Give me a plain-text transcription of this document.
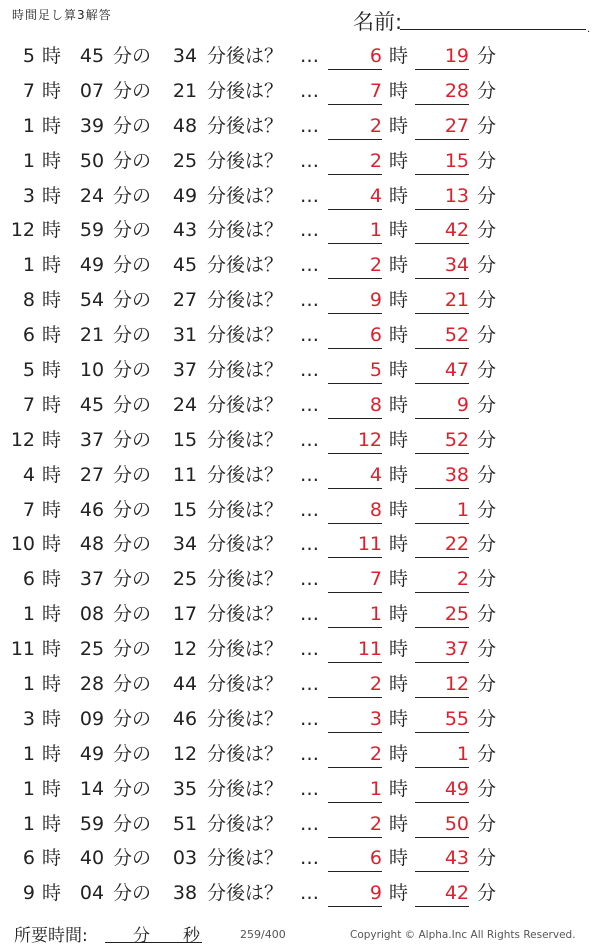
時間足し算3解答	名前:	.
5 時 45 分の 34 分後は？ …	6 時	19 分
7 時 07 分の 21 分後は？ …	7 時	28 分
1 時 39 分の 48 分後は？ …	2 時	27 分
1 時 50 分の 25 分後は？ …	2 時	15 分
3 時 24 分の 49 分後は？ …	4 時	13 分
12 時 59 分の 43 分後は？ …	1 時	42 分
1 時 49 分の 45 分後は？ …	2 時	34 分
8 時 54 分の 27 分後は？ …	9 時	21 分
6 時 21 分の 31 分後は？ …	6 時	52 分
5 時 10 分の 37 分後は？ …	5 時	47 分
7 時 45 分の 24 分後は？ …	8 時	9 分
12 時 37 分の 15 分後は？ …	12 時	52 分
4 時 27 分の 11 分後は？ …	4 時	38 分
7 時 46 分の 15 分後は？ …	8 時	1 分
10 時 48 分の 34 分後は？ …	11 時	22 分
6 時 37 分の 25 分後は？ …	7 時	2 分
1 時 08 分の 17 分後は？ …	1 時	25 分
11 時 25 分の 12 分後は？ …	11 時	37 分
1 時 28 分の 44 分後は？ …	2 時	12 分
3 時 09 分の 46 分後は？ …	3 時	55 分
1 時 49 分の 12 分後は？ …	2 時	1 分
1 時 14 分の 35 分後は？ …	1 時	49 分
1 時 59 分の 51 分後は？ …	2 時	50 分
6 時 40 分の 03 分後は？ …	6 時	43 分
9 時 04 分の 38 分後は？ …	9 時	42 分
所要時間:	分 秒	259/400	Copyright © Alpha.Inc All Rights Reserved.
